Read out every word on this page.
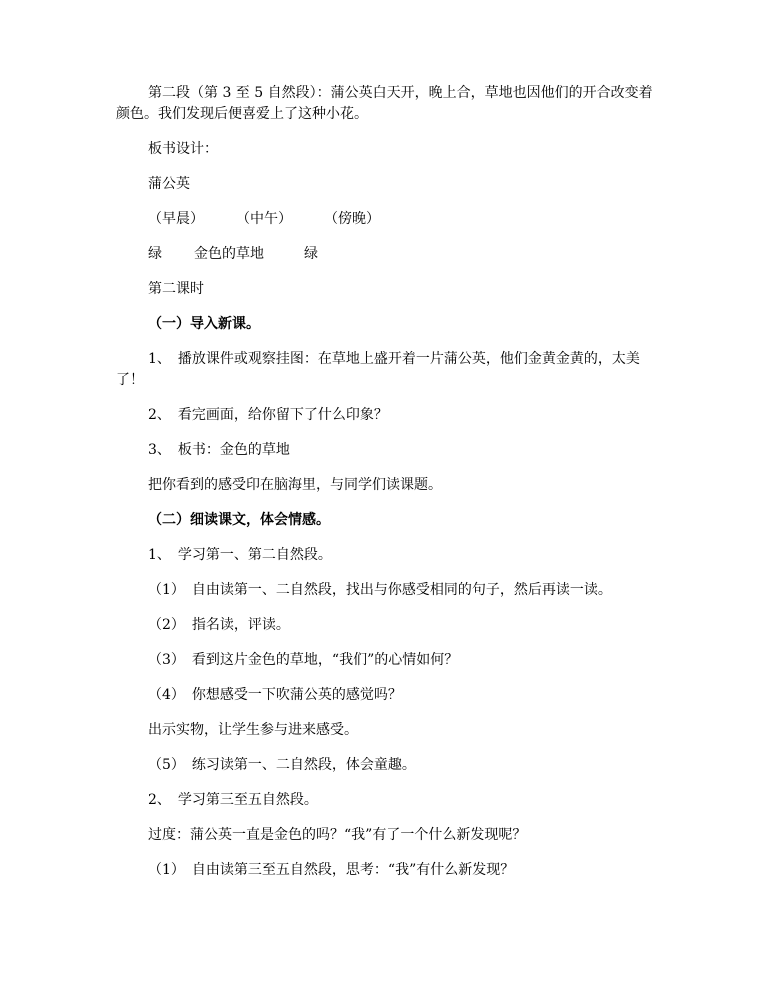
第二段（第 3 至 5 自然段）：蒲公英白天开，晚上合，草地也因他们的开合改变着颜色。我们发现后便喜爱上了这种小花。

板书设计：

蒲公英

（早晨） （中午） （傍晚）
绿 金色的草地	绿

第二课时

（一）导入新课。

1、　播放课件或观察挂图：在草地上盛开着一片蒲公英，他们金黄金黄的，太美了！

2、　看完画面，给你留下了什么印象？

3、　板书：金色的草地

把你看到的感受印在脑海里，与同学们读课题。

（二）细读课文，体会情感。

1、　学习第一、第二自然段。

（1）　自由读第一、二自然段，找出与你感受相同的句子，然后再读一读。

（2）　指名读，评读。

（3）　看到这片金色的草地，“我们”的心情如何？

（4）　你想感受一下吹蒲公英的感觉吗？

出示实物，让学生参与进来感受。

（5）　练习读第一、二自然段，体会童趣。

2、　学习第三至五自然段。

过度：蒲公英一直是金色的吗？“我”有了一个什么新发现呢？

（1）　自由读第三至五自然段，思考：“我”有什么新发现？
